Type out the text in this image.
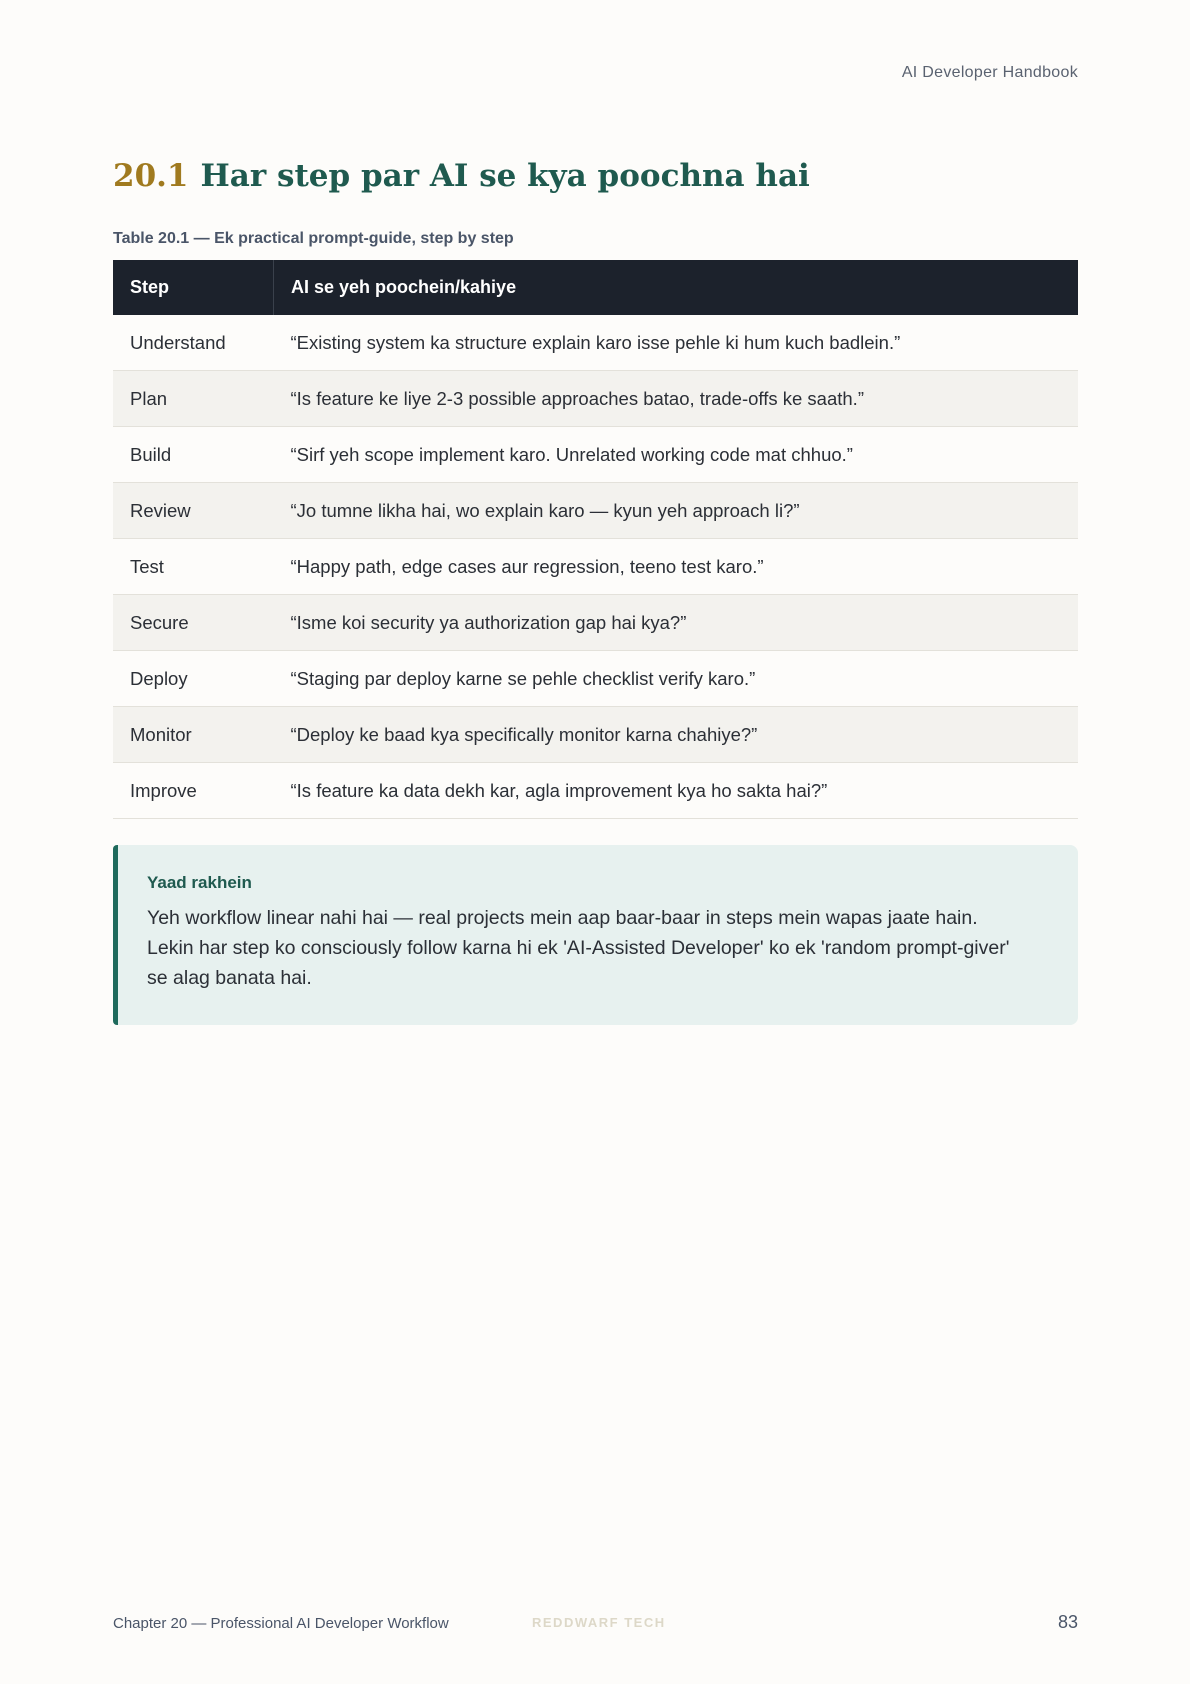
AI Developer Handbook
20.1 Har step par AI se kya poochna hai
Table 20.1 — Ek practical prompt-guide, step by step
Step	AI se yeh poochein/kahiye
Understand	“Existing system ka structure explain karo isse pehle ki hum kuch badlein.”
Plan	“Is feature ke liye 2-3 possible approaches batao, trade-offs ke saath.”
Build	“Sirf yeh scope implement karo. Unrelated working code mat chhuo.”
Review	“Jo tumne likha hai, wo explain karo — kyun yeh approach li?”
Test	“Happy path, edge cases aur regression, teeno test karo.”
Secure	“Isme koi security ya authorization gap hai kya?”
Deploy	“Staging par deploy karne se pehle checklist verify karo.”
Monitor	“Deploy ke baad kya specifically monitor karna chahiye?”
Improve	“Is feature ka data dekh kar, agla improvement kya ho sakta hai?”
Yaad rakhein
Yeh workflow linear nahi hai — real projects mein aap baar-baar in steps mein wapas jaate hain. Lekin har step ko consciously follow karna hi ek 'AI-Assisted Developer' ko ek 'random prompt-giver' se alag banata hai.
Chapter 20 — Professional AI Developer Workflow	REDDWARF TECH	83
